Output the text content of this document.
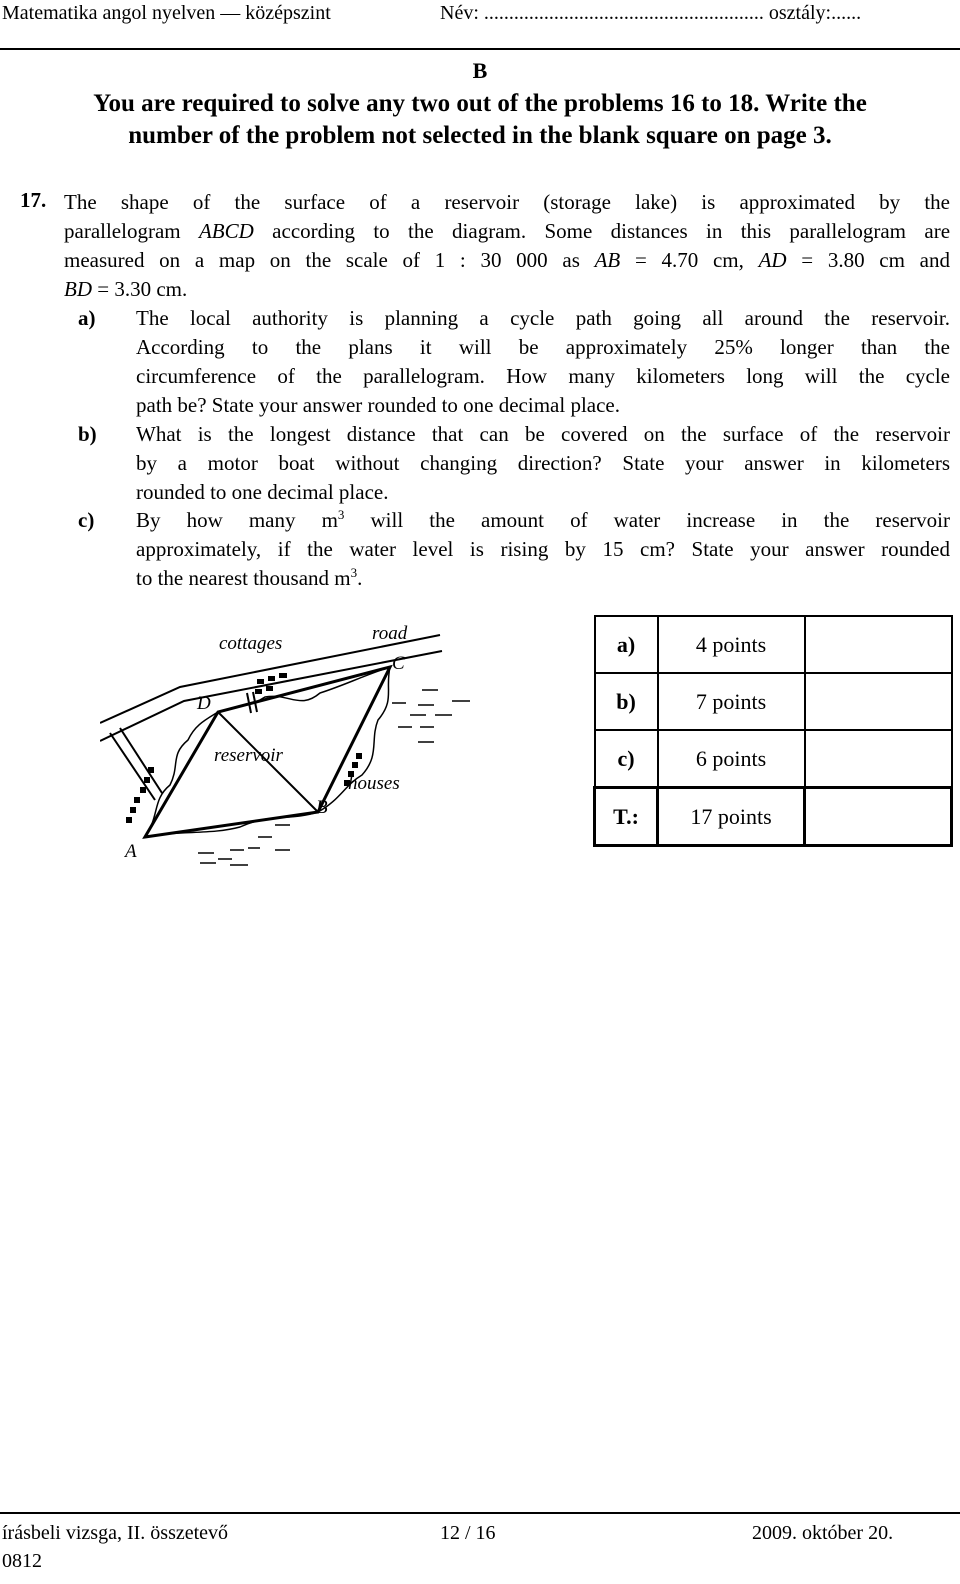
Matematika angol nyelven — középszint	Név: ........................................................ osztály:......
B
You are required to solve any two out of the problems 16 to 18. Write the
number of the problem not selected in the blank square on page 3.
17. The shape of the surface of a reservoir (storage lake) is approximated by the
parallelogram ABCD according to the diagram. Some distances in this parallelogram are
measured on a map on the scale of 1 : 30 000 as AB = 4.70 cm, AD = 3.80 cm and
BD = 3.30 cm.
a) The local authority is planning a cycle path going all around the reservoir.
According to the plans it will be approximately 25% longer than the
circumference of the parallelogram. How many kilometers long will the cycle
path be? State your answer rounded to one decimal place.
b) What is the longest distance that can be covered on the surface of the reservoir
by a motor boat without changing direction? State your answer in kilometers
rounded to one decimal place.
c) By how many $m^3$ will the amount of water increase in the reservoir
approximately, if the water level is rising by 15 cm? State your answer rounded
to the nearest thousand $m^3$.
cottages	road
C
D
reservoir
houses
B
A
a)	4 points	
b)	7 points	
c)	6 points	
T.:	17 points	
írásbeli vizsga, II. összetevő
0812
12 / 16	2009. október 20.
